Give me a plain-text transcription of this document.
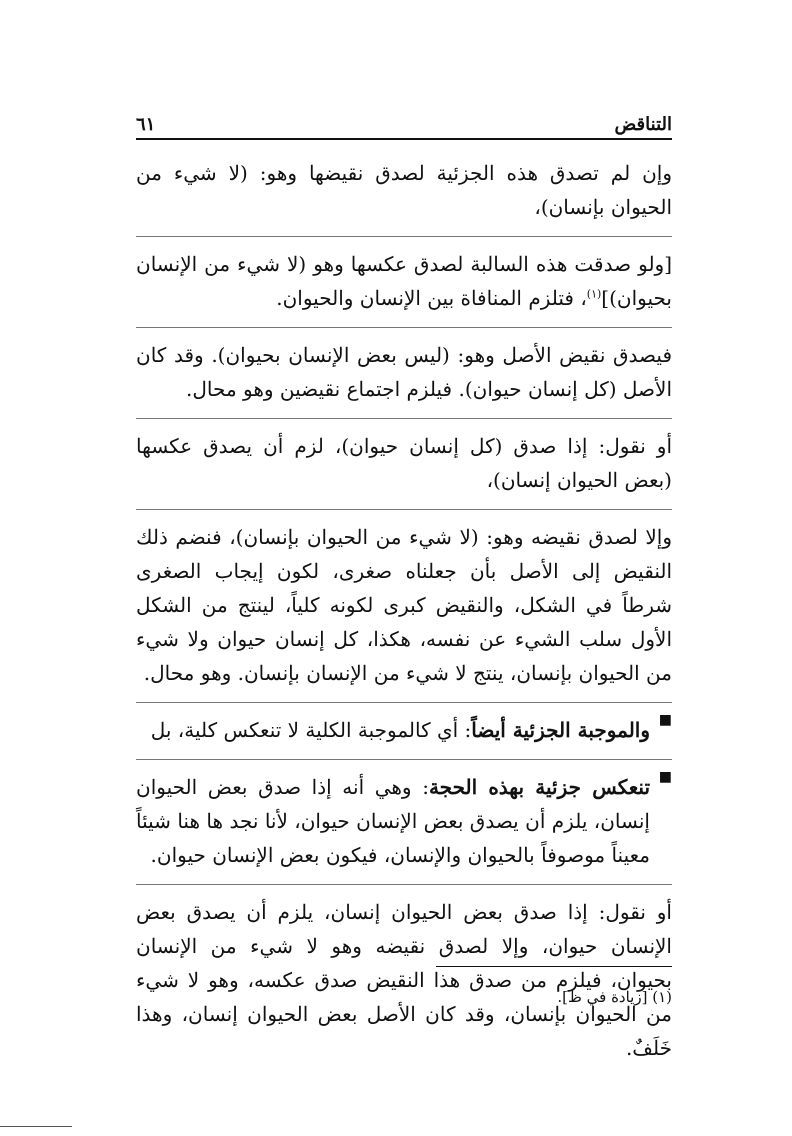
التناقض
٦١

وإن لم تصدق هذه الجزئية لصدق نقيضها وهو: (لا شيء من الحيوان بإنسان)،

[ولو صدقت هذه السالبة لصدق عكسها وهو (لا شيء من الإنسان بحيوان)]$^{(١)}$، فتلزم المنافاة بين الإنسان والحيوان.

فيصدق نقيض الأصل وهو: (ليس بعض الإنسان بحيوان). وقد كان الأصل (كل إنسان حيوان). فيلزم اجتماع نقيضين وهو محال.

أو نقول: إذا صدق (كل إنسان حيوان)، لزم أن يصدق عكسها (بعض الحيوان إنسان)،

وإلا لصدق نقيضه وهو: (لا شيء من الحيوان بإنسان)، فنضم ذلك النقيض إلى الأصل بأن جعلناه صغرى، لكون إيجاب الصغرى شرطاً في الشكل، والنقيض كبرى لكونه كلياً، لينتج من الشكل الأول سلب الشيء عن نفسه، هكذا، كل إنسان حيوان ولا شيء من الحيوان بإنسان، ينتج لا شيء من الإنسان بإنسان. وهو محال.

■
والموجبة الجزئية أيضاً: أي كالموجبة الكلية لا تنعكس كلية، بل

■
تنعكس جزئية بهذه الحجة: وهي أنه إذا صدق بعض الحيوان إنسان، يلزم أن يصدق بعض الإنسان حيوان، لأنا نجد ها هنا شيئاً معيناً موصوفاً بالحيوان والإنسان، فيكون بعض الإنسان حيوان.

أو نقول: إذا صدق بعض الحيوان إنسان، يلزم أن يصدق بعض الإنسان حيوان، وإلا لصدق نقيضه وهو لا شيء من الإنسان بحيوان، فيلزم من صدق هذا النقيض صدق عكسه، وهو لا شيء من الحيوان بإنسان، وقد كان الأصل بعض الحيوان إنسان، وهذا خَلَفٌ.

(١) [زيادة في ظ].
